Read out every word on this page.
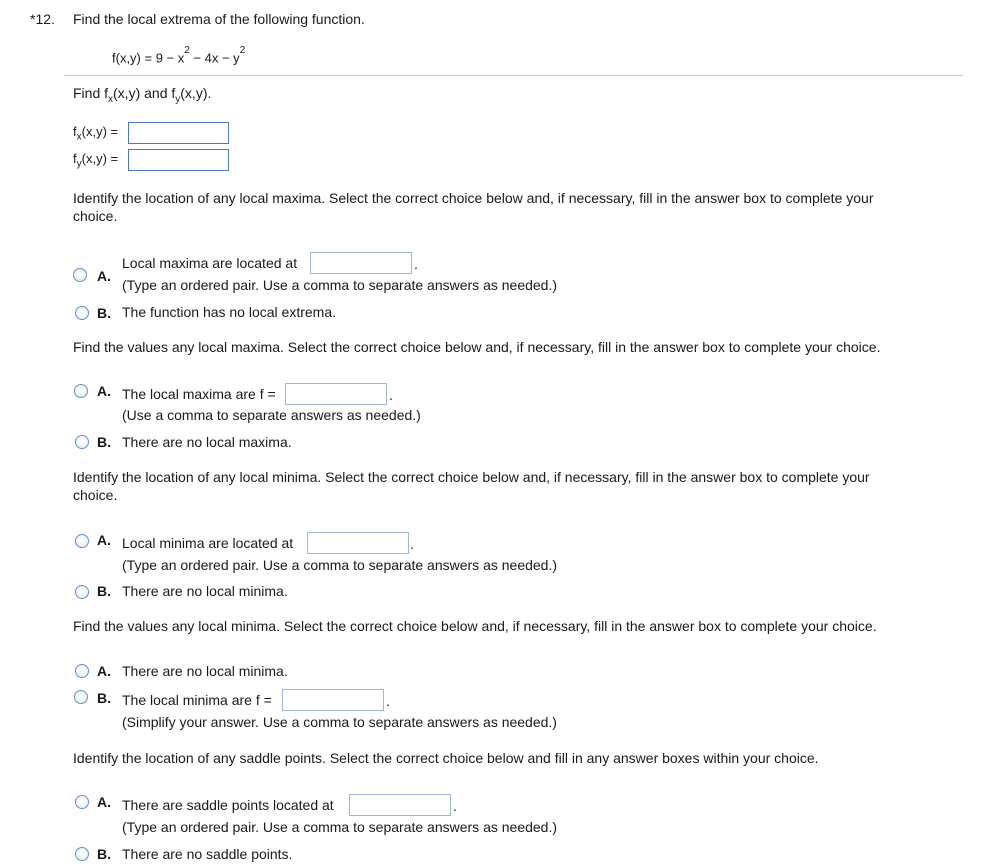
*12. Find the local extrema of the following function.
$f(x,y) = 9 - x^2 - 4x - y^2$
Find $f_x(x,y)$ and $f_y(x,y)$.
$f_x(x,y)$ =
$f_y(x,y)$ =
Identify the location of any local maxima. Select the correct choice below and, if necessary, fill in the answer box to complete your
choice.
A.
Local maxima are located at	.
(Type an ordered pair. Use a comma to separate answers as needed.)
B. The function has no local extrema.
Find the values any local maxima. Select the correct choice below and, if necessary, fill in the answer box to complete your choice.
A. The local maxima are f =	.
(Use a comma to separate answers as needed.)
B. There are no local maxima.
Identify the location of any local minima. Select the correct choice below and, if necessary, fill in the answer box to complete your
choice.
A. Local minima are located at	.
(Type an ordered pair. Use a comma to separate answers as needed.)
B. There are no local minima.
Find the values any local minima. Select the correct choice below and, if necessary, fill in the answer box to complete your choice.
A. There are no local minima.
B. The local minima are f =	.
(Simplify your answer. Use a comma to separate answers as needed.)
Identify the location of any saddle points. Select the correct choice below and fill in any answer boxes within your choice.
A. There are saddle points located at	.
(Type an ordered pair. Use a comma to separate answers as needed.)
B. There are no saddle points.
